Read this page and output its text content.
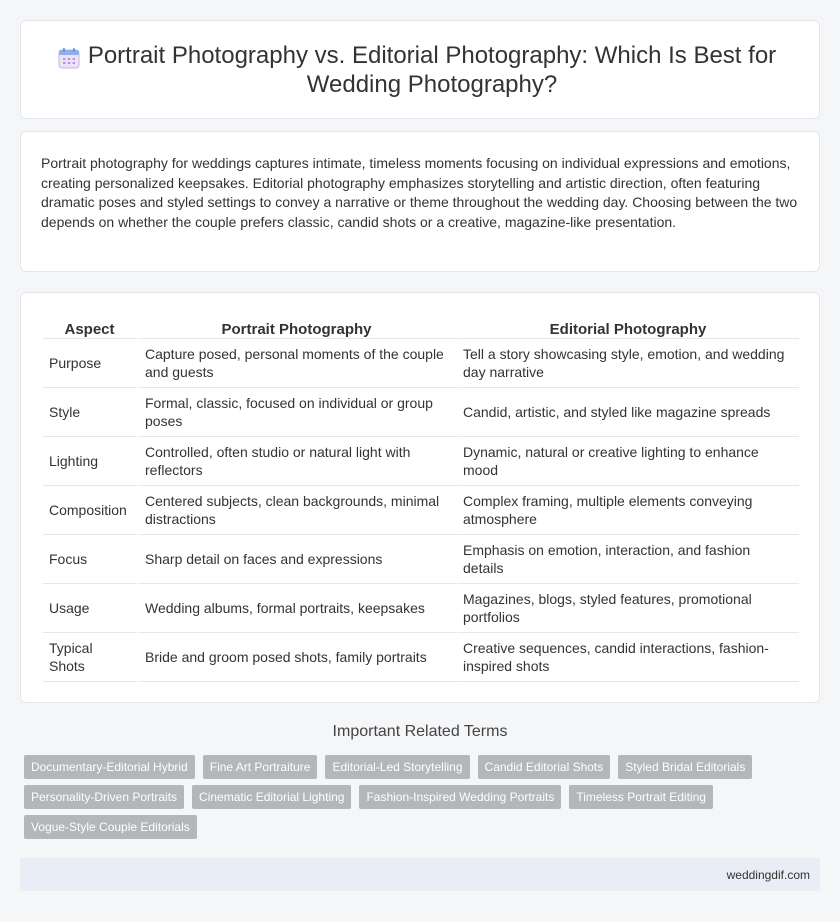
Portrait Photography vs. Editorial Photography: Which Is Best for Wedding Photography?

Portrait photography for weddings captures intimate, timeless moments focusing on individual expressions and emotions, creating personalized keepsakes. Editorial photography emphasizes storytelling and artistic direction, often featuring dramatic poses and styled settings to convey a narrative or theme throughout the wedding day. Choosing between the two depends on whether the couple prefers classic, candid shots or a creative, magazine-like presentation.

Aspect	Portrait Photography	Editorial Photography
Purpose	Capture posed, personal moments of the couple and guests	Tell a story showcasing style, emotion, and wedding day narrative
Style	Formal, classic, focused on individual or group poses	Candid, artistic, and styled like magazine spreads
Lighting	Controlled, often studio or natural light with reflectors	Dynamic, natural or creative lighting to enhance mood
Composition	Centered subjects, clean backgrounds, minimal distractions	Complex framing, multiple elements conveying atmosphere
Focus	Sharp detail on faces and expressions	Emphasis on emotion, interaction, and fashion details
Usage	Wedding albums, formal portraits, keepsakes	Magazines, blogs, styled features, promotional portfolios
Typical Shots	Bride and groom posed shots, family portraits	Creative sequences, candid interactions, fashion-inspired shots
Important Related Terms
Documentary-Editorial Hybrid	Fine Art Portraiture	Editorial-Led Storytelling	Candid Editorial Shots	Styled Bridal Editorials
Personality-Driven Portraits	Cinematic Editorial Lighting	Fashion-Inspired Wedding Portraits	Timeless Portrait Editing
Vogue-Style Couple Editorials
weddingdif.com
